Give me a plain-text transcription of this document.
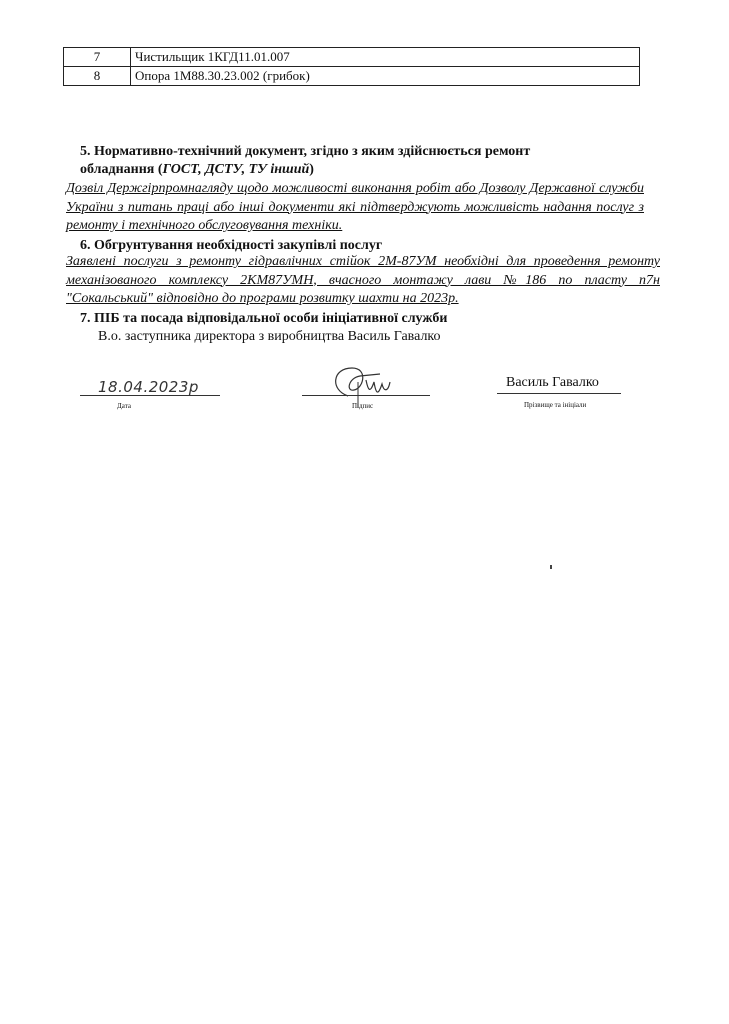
7	Чистильщик 1КГД11.01.007
8	Опора 1М88.30.23.002 (грибок)
5. Нормативно-технічний документ, згідно з яким здійснюється ремонт
обладнання (ГОСТ, ДСТУ, ТУ інший)
Дозвіл Держгірпромнагляду щодо можливості виконання робіт або Дозволу Державної служби України з питань праці або інші документи які підтверджують можливість надання послуг з ремонту і технічного обслуговування техніки.
6. Обгрунтування необхідності закупівлі послуг
Заявлені послуги з ремонту гідравлічних стійок 2М-87УМ необхідні для проведення ремонту механізованого комплексу 2КМ87УМН, вчасного монтажу лави №186 по пласту п7н "Сокальський" відповідно до програми розвитку шахти на 2023р.
7. ПІБ та посада відповідальної особи ініціативної служби
В.о. заступника директора з виробництва Василь Гавалко
18.04.2023р
Дата	Підпис
Василь Гавалко
Прізвище та ініціали
